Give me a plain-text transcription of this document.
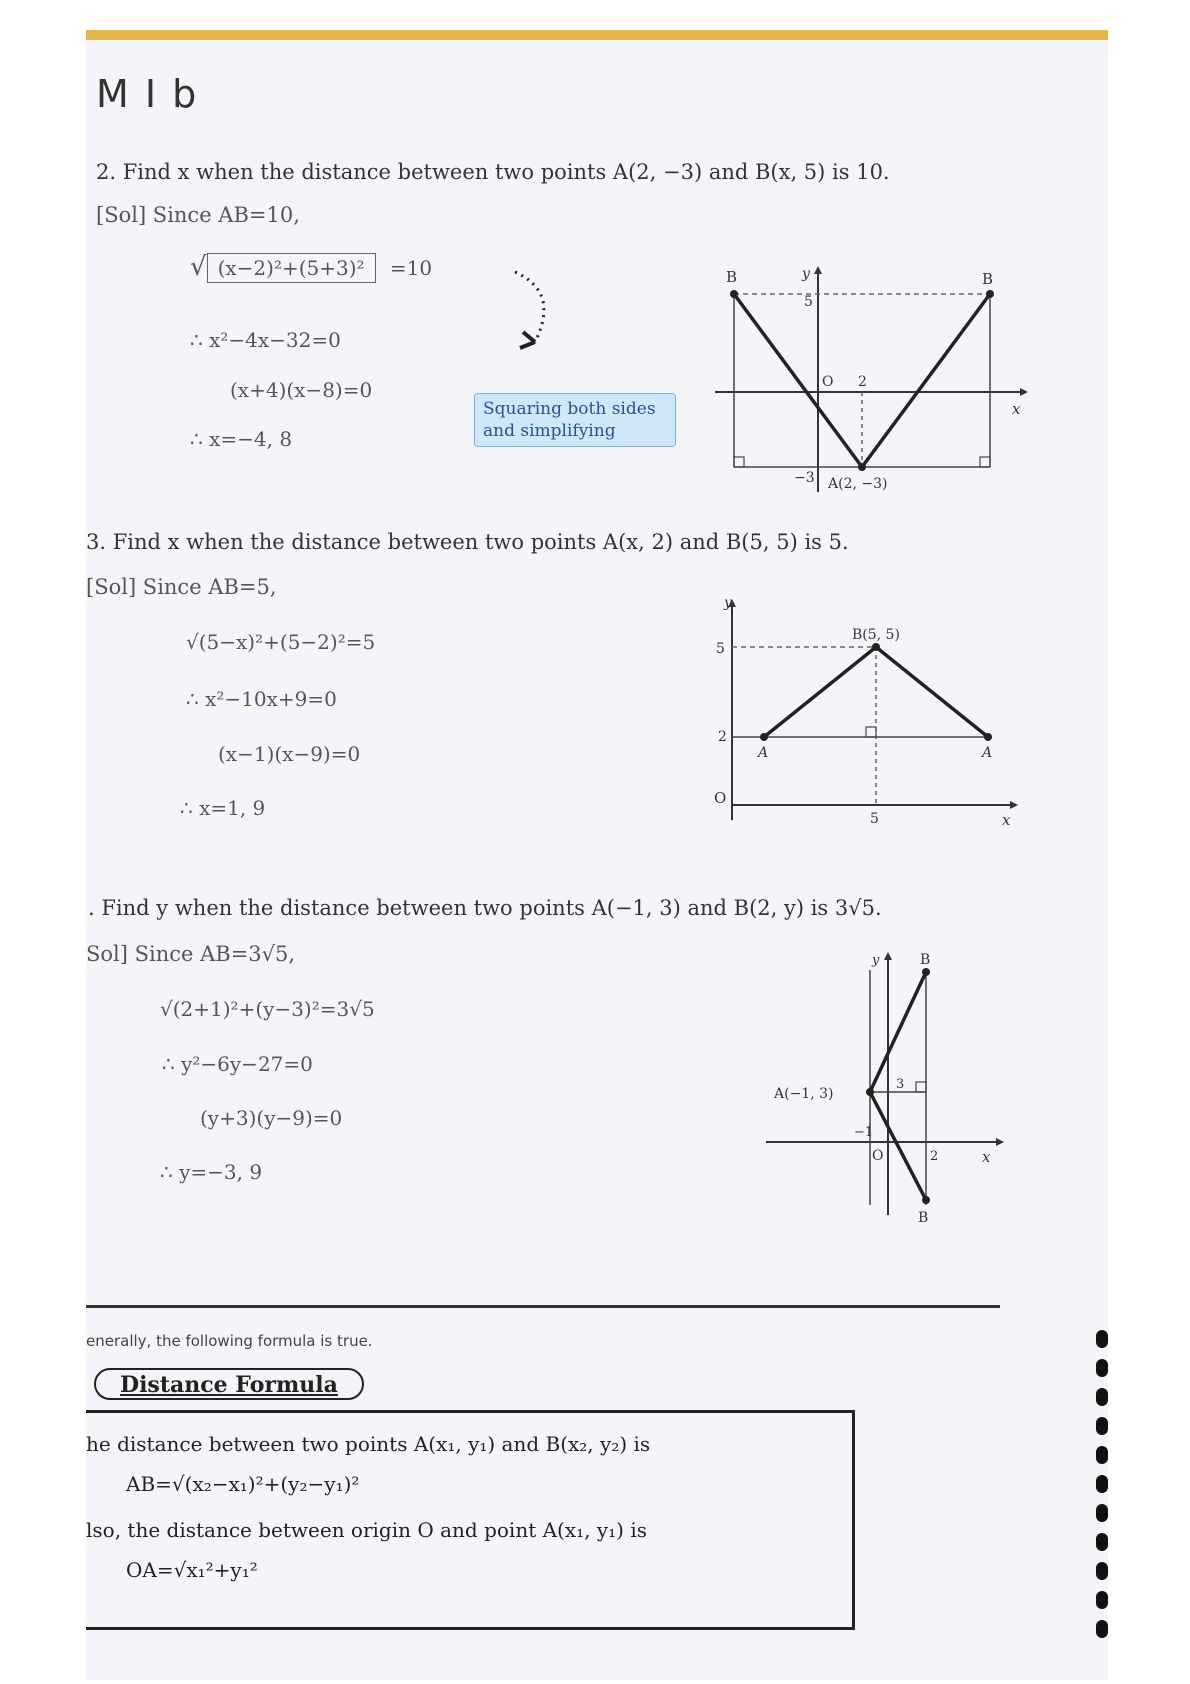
M I b
2. Find x when the distance between two points A(2, −3) and B(x, 5) is 10.
[Sol] Since AB=10,
√ (x−2)²+(5+3)² =10
∴ x²−4x−32=0
(x+4)(x−8)=0
∴ x=−4, 8
Squaring both sides and simplifying
B	B
y
x
5
O 2
−3 A(2, −3)
3. Find x when the distance between two points A(x, 2) and B(5, 5) is 5.
[Sol] Since AB=5,
√(5−x)²+(5−2)²=5
∴ x²−10x+9=0
(x−1)(x−9)=0
∴ x=1, 9
y
x
B(5, 5)
5
2
A	A
O
5
. Find y when the distance between two points A(−1, 3) and B(2, y) is 3√5.
Sol] Since AB=3√5,
√(2+1)²+(y−3)²=3√5
∴ y²−6y−27=0
(y+3)(y−9)=0
∴ y=−3, 9
y
x
B
B
A(−1, 3)
3
−1
O	2
enerally, the following formula is true.
Distance Formula
he distance between two points A(x₁, y₁) and B(x₂, y₂) is
AB=√(x₂−x₁)²+(y₂−y₁)²
lso, the distance between origin O and point A(x₁, y₁) is
OA=√x₁²+y₁²
